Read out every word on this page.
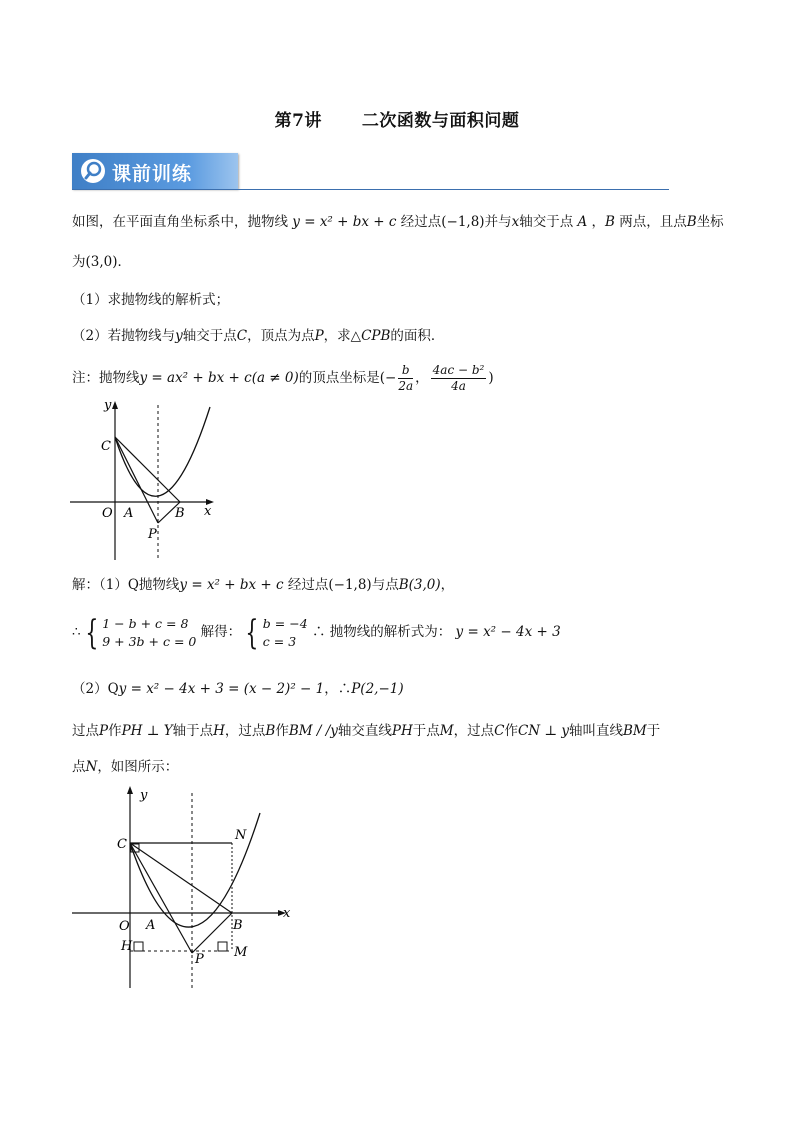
第7讲 二次函数与面积问题
课前训练
如图，在平面直角坐标系中，抛物线 y = x² + bx + c 经过点(−1,8)并与x轴交于点 A ，B 两点，且点B坐标
为(3,0)．
（1）求抛物线的解析式；
（2）若抛物线与y轴交于点C，顶点为点P，求△CPB的面积．
注：抛物线y = ax² + bx + c(a ≠ 0)的顶点坐标是(− $\frac{b}{2a}$ ， $\frac{\text{4ac − b²}}{4a}$ )
y
x
C
O A	B
P
解：（1）Q抛物线y = x² + bx + c 经过点(−1,8)与点B(3,0)，
∴ { 1 − b + c = 8
9 + 3b + c = 0
解得： { b = −4
c = 3
∴ 抛物线的解析式为： y = x² − 4x + 3
（2）Qy = x² − 4x + 3 = (x − 2)² − 1，∴P(2,−1)
过点P作PH ⊥ Y轴于点H，过点B作BM / /y轴交直线PH于点M，过点C作CN ⊥ y轴叫直线BM于
点N，如图所示：
y
x
C
N
O A	B
H
P M
